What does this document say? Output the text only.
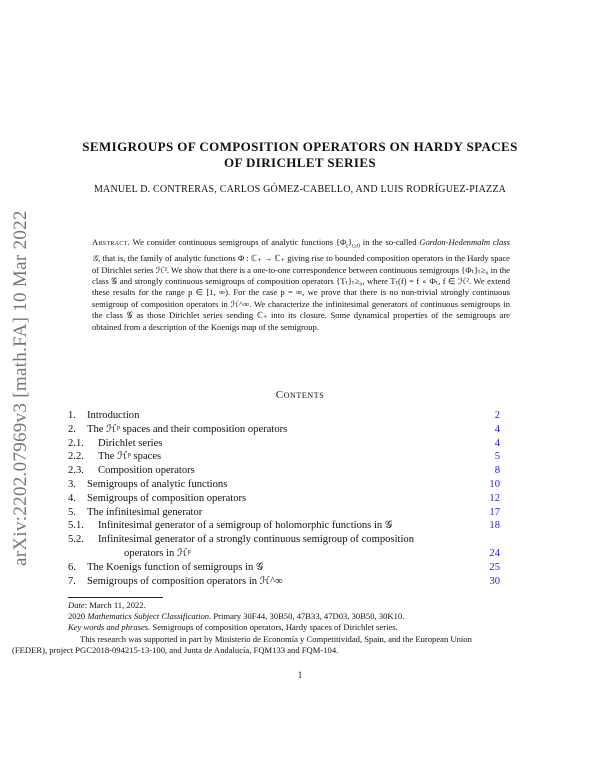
arXiv:2202.07969v3 [math.FA] 10 Mar 2022
SEMIGROUPS OF COMPOSITION OPERATORS ON HARDY SPACES
OF DIRICHLET SERIES
MANUEL D. CONTRERAS, CARLOS GÓMEZ-CABELLO, AND LUIS RODRÍGUEZ-PIAZZA
Abstract. We consider continuous semigroups of analytic functions $\{\Phi_t\}_{t\ge 0}$ in the so-called Gordon-Hedenmalm class 𝒢, that is, the family of analytic functions Φ : ℂ₊ → ℂ₊ giving rise to bounded composition operators in the Hardy space of Dirichlet series ℋ². We show that there is a one-to-one correspondence between continuous semigroups {Φₜ}ₜ≥₀ in the class 𝒢 and strongly continuous semigroups of composition operators {Tₜ}ₜ≥₀, where Tₜ(f) = f ∘ Φₜ, f ∈ ℋ². We extend these results for the range p ∈ [1, ∞). For the case p = ∞, we prove that there is no non-trivial strongly continuous semigroup of composition operators in ℋ^∞. We characterize the infinitesimal generators of continuous semigroups in the class 𝒢 as those Dirichlet series sending ℂ₊ into its closure. Some dynamical properties of the semigroups are obtained from a description of the Koenigs map of the semigroup.
Contents
1. Introduction	2
2. The ℋᵖ spaces and their composition operators	4
2.1. Dirichlet series	4
2.2. The ℋᵖ spaces	5
2.3. Composition operators	8
3. Semigroups of analytic functions	10
4. Semigroups of composition operators	12
5. The infinitesimal generator	17
5.1. Infinitesimal generator of a semigroup of holomorphic functions in 𝒢	18
5.2. Infinitesimal generator of a strongly continuous semigroup of composition
operators in ℋᵖ	24
6. The Koenigs function of semigroups in 𝒢	25
7. Semigroups of composition operators in ℋ^∞	30
Date: March 11, 2022.
2020 Mathematics Subject Classification. Primary 30F44, 30B50, 47B33, 47D03, 30B50, 30K10.
Key words and phrases. Semigroups of composition operators, Hardy spaces of Dirichlet series.
This research was supported in part by Ministerio de Economía y Competitividad, Spain, and the European Union (FEDER), project PGC2018-094215-13-100, and Junta de Andalucía, FQM133 and FQM-104.
1
